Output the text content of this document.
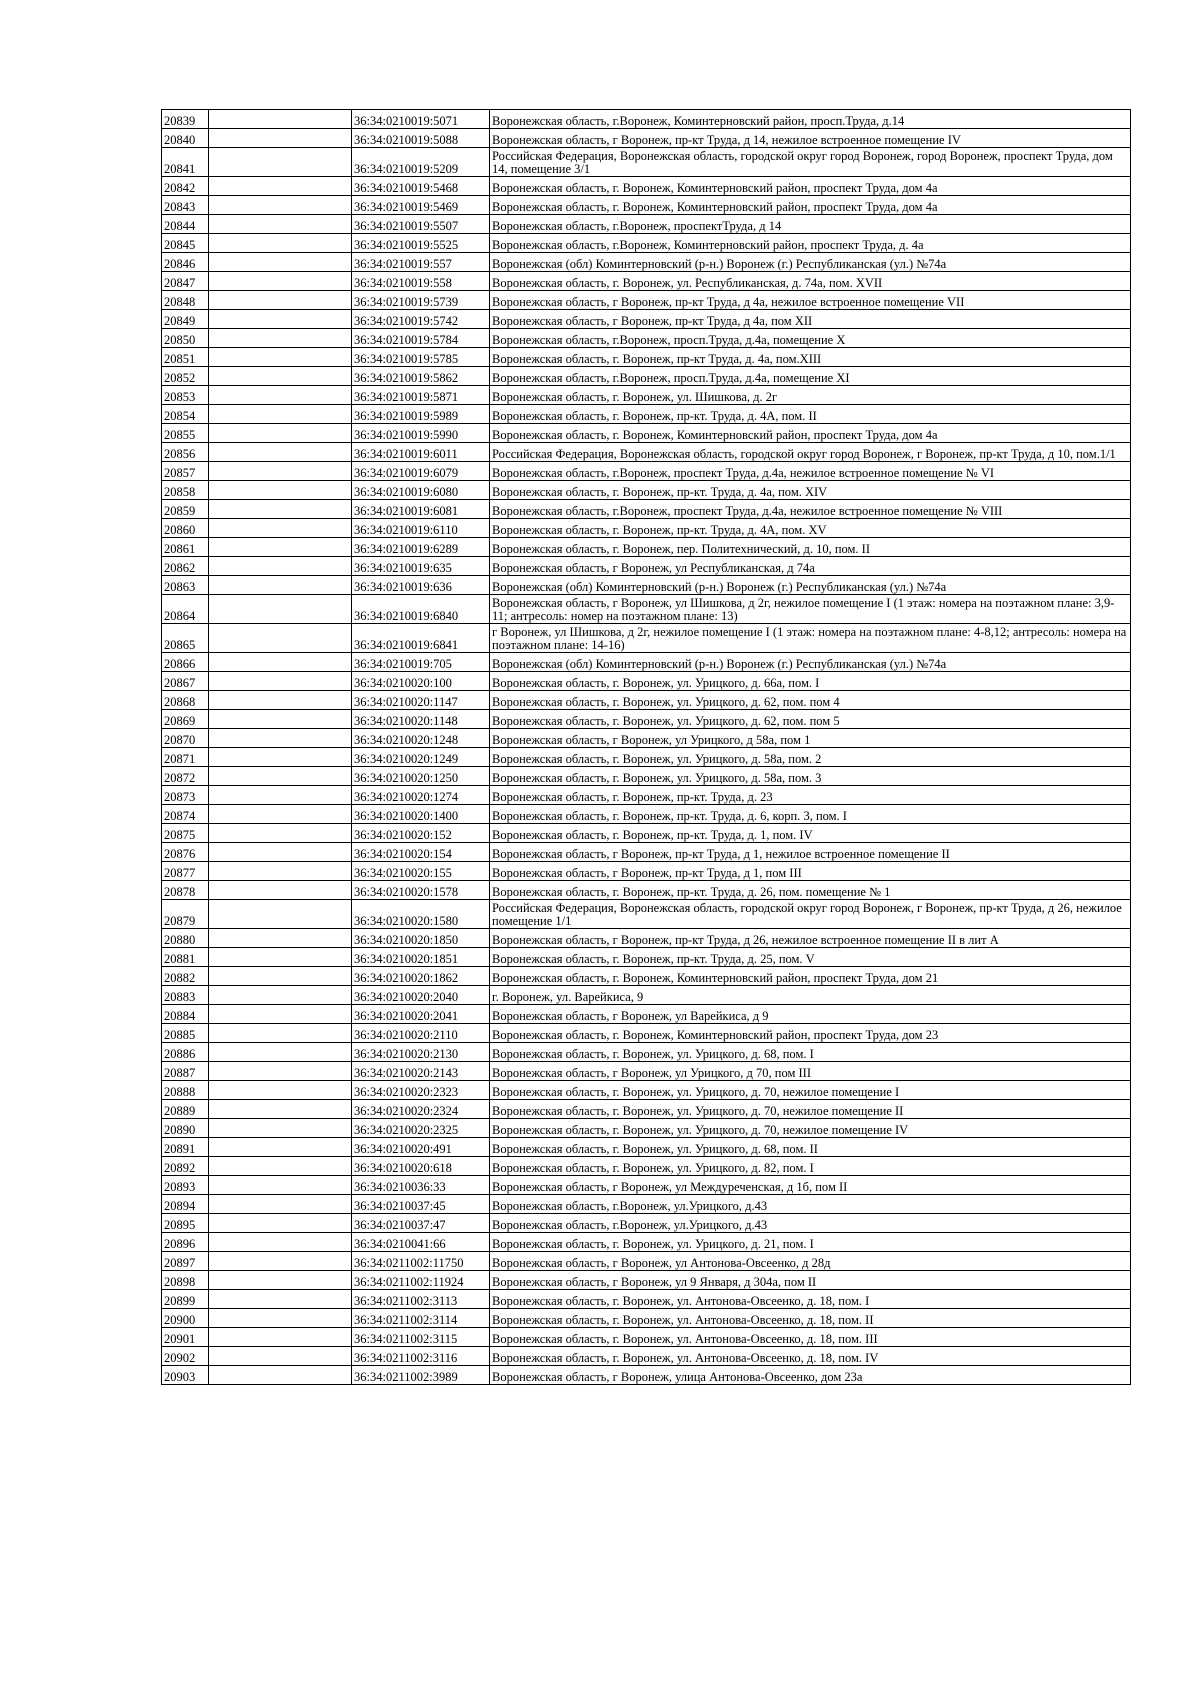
20839		36:34:0210019:5071	Воронежская область, г.Воронеж, Коминтерновский район, просп.Труда, д.14
20840		36:34:0210019:5088	Воронежская область, г Воронеж, пр-кт Труда, д 14, нежилое встроенное помещение IV
20841		36:34:0210019:5209	Российская Федерация, Воронежская область, городской округ город Воронеж, город Воронеж, проспект Труда, дом 14, помещение 3/1
20842		36:34:0210019:5468	Воронежская область, г. Воронеж, Коминтерновский район, проспект Труда, дом 4а
20843		36:34:0210019:5469	Воронежская область, г. Воронеж, Коминтерновский район, проспект Труда, дом 4а
20844		36:34:0210019:5507	Воронежская область, г.Воронеж, проспектТруда, д 14
20845		36:34:0210019:5525	Воронежская область, г.Воронеж, Коминтерновский район, проспект Труда, д. 4а
20846		36:34:0210019:557	Воронежская (обл) Коминтерновский (р-н.) Воронеж (г.) Республиканская (ул.) №74а
20847		36:34:0210019:558	Воронежская область, г. Воронеж, ул. Республиканская, д. 74а, пом. XVII
20848		36:34:0210019:5739	Воронежская область, г Воронеж, пр-кт Труда, д 4а, нежилое встроенное помещение VII
20849		36:34:0210019:5742	Воронежская область, г Воронеж, пр-кт Труда, д 4а, пом XII
20850		36:34:0210019:5784	Воронежская область, г.Воронеж, просп.Труда, д.4а, помещение X
20851		36:34:0210019:5785	Воронежская область, г. Воронеж, пр-кт Труда, д. 4а, пом.XIII
20852		36:34:0210019:5862	Воронежская область, г.Воронеж, просп.Труда, д.4а, помещение XI
20853		36:34:0210019:5871	Воронежская область, г. Воронеж, ул. Шишкова, д. 2г
20854		36:34:0210019:5989	Воронежская область, г. Воронеж, пр-кт. Труда, д. 4А, пом. II
20855		36:34:0210019:5990	Воронежская область, г. Воронеж, Коминтерновский район, проспект Труда, дом 4а
20856		36:34:0210019:6011	Российская Федерация, Воронежская область, городской округ город Воронеж, г Воронеж, пр-кт Труда, д 10, пом.1/1
20857		36:34:0210019:6079	Воронежская область, г.Воронеж, проспект Труда, д.4а, нежилое встроенное помещение № VI
20858		36:34:0210019:6080	Воронежская область, г. Воронеж, пр-кт. Труда, д. 4а, пом. XIV
20859		36:34:0210019:6081	Воронежская область, г.Воронеж, проспект Труда, д.4а, нежилое встроенное помещение № VIII
20860		36:34:0210019:6110	Воронежская область, г. Воронеж, пр-кт. Труда, д. 4А, пом. XV
20861		36:34:0210019:6289	Воронежская область, г. Воронеж, пер. Политехнический, д. 10, пом. II
20862		36:34:0210019:635	Воронежская область, г Воронеж, ул Республиканская, д 74а
20863		36:34:0210019:636	Воронежская (обл) Коминтерновский (р-н.) Воронеж (г.) Республиканская (ул.) №74а
20864		36:34:0210019:6840	Воронежская область, г Воронеж, ул Шишкова, д 2г, нежилое помещение I (1 этаж: номера на поэтажном плане: 3,9-11; антресоль: номер на поэтажном плане: 13)
20865		36:34:0210019:6841	г Воронеж, ул Шишкова, д 2г, нежилое помещение I (1 этаж: номера на поэтажном плане: 4-8,12; антресоль: номера на поэтажном плане: 14-16)
20866		36:34:0210019:705	Воронежская (обл) Коминтерновский (р-н.) Воронеж (г.) Республиканская (ул.) №74а
20867		36:34:0210020:100	Воронежская область, г. Воронеж, ул. Урицкого, д. 66а, пом. I
20868		36:34:0210020:1147	Воронежская область, г. Воронеж, ул. Урицкого, д. 62, пом. пом 4
20869		36:34:0210020:1148	Воронежская область, г. Воронеж, ул. Урицкого, д. 62, пом. пом 5
20870		36:34:0210020:1248	Воронежская область, г Воронеж, ул Урицкого, д 58а, пом 1
20871		36:34:0210020:1249	Воронежская область, г. Воронеж, ул. Урицкого, д. 58а, пом. 2
20872		36:34:0210020:1250	Воронежская область, г. Воронеж, ул. Урицкого, д. 58а, пом. 3
20873		36:34:0210020:1274	Воронежская область, г. Воронеж, пр-кт. Труда, д. 23
20874		36:34:0210020:1400	Воронежская область, г. Воронеж, пр-кт. Труда, д. 6, корп. 3, пом. I
20875		36:34:0210020:152	Воронежская область, г. Воронеж, пр-кт. Труда, д. 1, пом. IV
20876		36:34:0210020:154	Воронежская область, г Воронеж, пр-кт Труда, д 1, нежилое встроенное помещение II
20877		36:34:0210020:155	Воронежская область, г Воронеж, пр-кт Труда, д 1, пом III
20878		36:34:0210020:1578	Воронежская область, г. Воронеж, пр-кт. Труда, д. 26, пом. помещение № 1
20879		36:34:0210020:1580	Российская Федерация, Воронежская область, городской округ город Воронеж, г Воронеж, пр-кт Труда, д 26, нежилое помещение 1/1
20880		36:34:0210020:1850	Воронежская область, г Воронеж, пр-кт Труда, д 26, нежилое встроенное помещение II в лит А
20881		36:34:0210020:1851	Воронежская область, г. Воронеж, пр-кт. Труда, д. 25, пом. V
20882		36:34:0210020:1862	Воронежская область, г. Воронеж, Коминтерновский район, проспект Труда, дом 21
20883		36:34:0210020:2040	г. Воронеж, ул. Варейкиса, 9
20884		36:34:0210020:2041	Воронежская область, г Воронеж, ул Варейкиса, д 9
20885		36:34:0210020:2110	Воронежская область, г. Воронеж, Коминтерновский район, проспект Труда, дом 23
20886		36:34:0210020:2130	Воронежская область, г. Воронеж, ул. Урицкого, д. 68, пом. I
20887		36:34:0210020:2143	Воронежская область, г Воронеж, ул Урицкого, д 70, пом III
20888		36:34:0210020:2323	Воронежская область, г. Воронеж, ул. Урицкого, д. 70, нежилое помещение I
20889		36:34:0210020:2324	Воронежская область, г. Воронеж, ул. Урицкого, д. 70, нежилое помещение II
20890		36:34:0210020:2325	Воронежская область, г. Воронеж, ул. Урицкого, д. 70, нежилое помещение IV
20891		36:34:0210020:491	Воронежская область, г. Воронеж, ул. Урицкого, д. 68, пом. II
20892		36:34:0210020:618	Воронежская область, г. Воронеж, ул. Урицкого, д. 82, пом. I
20893		36:34:0210036:33	Воронежская область, г Воронеж, ул Междуреченская, д 1б, пом II
20894		36:34:0210037:45	Воронежская область, г.Воронеж, ул.Урицкого, д.43
20895		36:34:0210037:47	Воронежская область, г.Воронеж, ул.Урицкого, д.43
20896		36:34:0210041:66	Воронежская область, г. Воронеж, ул. Урицкого, д. 21, пом. I
20897		36:34:0211002:11750	Воронежская область, г Воронеж, ул Антонова-Овсеенко, д 28д
20898		36:34:0211002:11924	Воронежская область, г Воронеж, ул 9 Января, д 304а, пом II
20899		36:34:0211002:3113	Воронежская область, г. Воронеж, ул. Антонова-Овсеенко, д. 18, пом. I
20900		36:34:0211002:3114	Воронежская область, г. Воронеж, ул. Антонова-Овсеенко, д. 18, пом. II
20901		36:34:0211002:3115	Воронежская область, г. Воронеж, ул. Антонова-Овсеенко, д. 18, пом. III
20902		36:34:0211002:3116	Воронежская область, г. Воронеж, ул. Антонова-Овсеенко, д. 18, пом. IV
20903		36:34:0211002:3989	Воронежская область, г Воронеж, улица Антонова-Овсеенко, дом 23а
